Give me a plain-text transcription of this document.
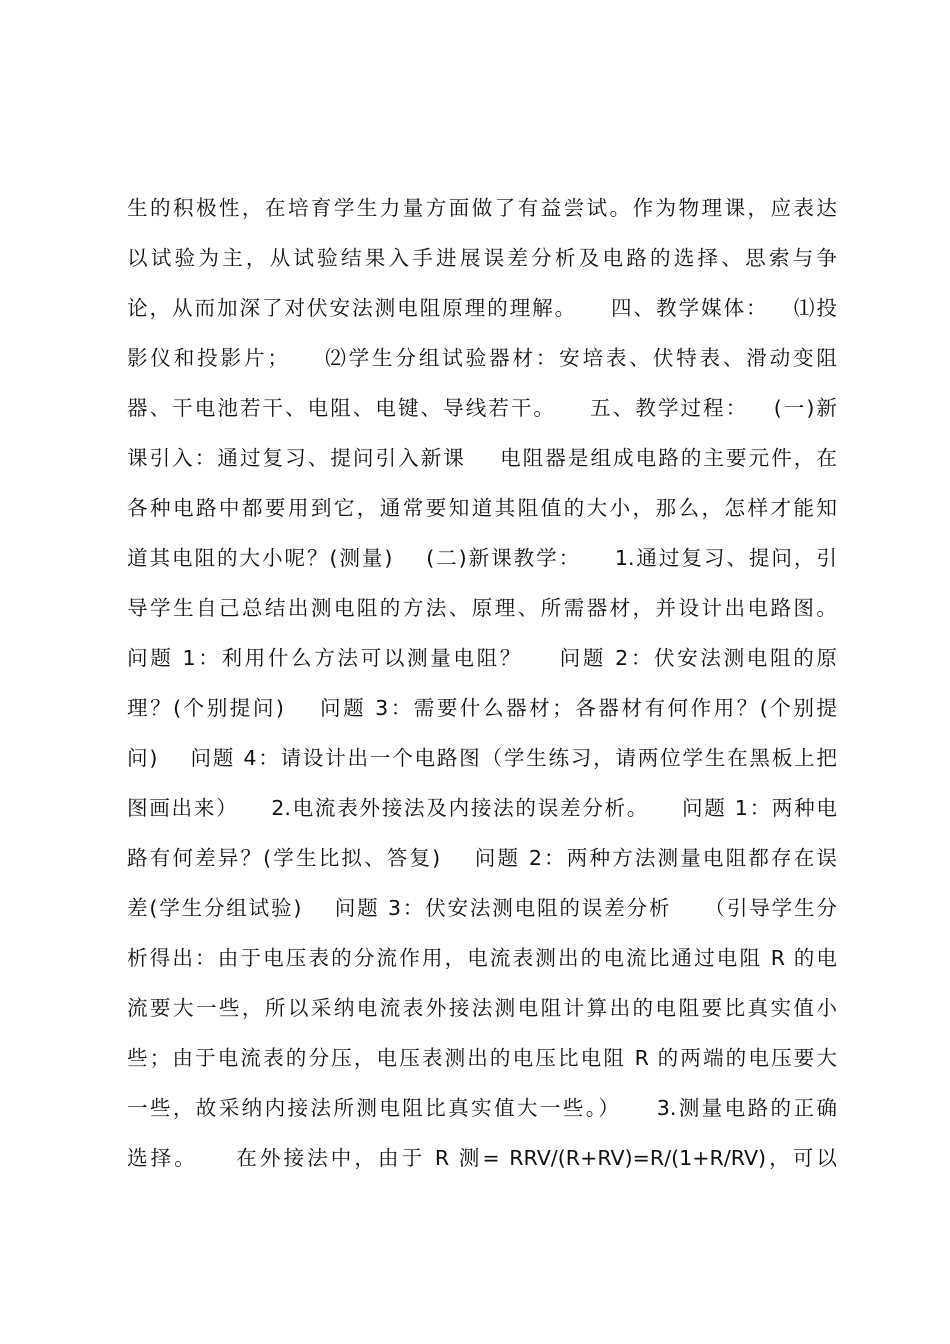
生的积极性，在培育学生力量方面做了有益尝试。作为物理课，应表达
以试验为主，从试验结果入手进展误差分析及电路的选择、思索与争
论，从而加深了对伏安法测电阻原理的理解。    四、教学媒体：   ⑴投
影仪和投影片；    ⑵学生分组试验器材：安培表、伏特表、滑动变阻
器、干电池若干、电阻、电键、导线若干。    五、教学过程：   (一)新
课引入：通过复习、提问引入新课    电阻器是组成电路的主要元件，在
各种电路中都要用到它，通常要知道其阻值的大小，那么，怎样才能知
道其电阻的大小呢？(测量)    (二)新课教学：    1.通过复习、提问，引
导学生自己总结出测电阻的方法、原理、所需器材，并设计出电路图。
问题 1：利用什么方法可以测量电阻？    问题 2：伏安法测电阻的原
理？(个别提问)    问题 3：需要什么器材；各器材有何作用？(个别提
问)    问题 4：请设计出一个电路图（学生练习，请两位学生在黑板上把
图画出来）    2.电流表外接法及内接法的误差分析。    问题 1：两种电
路有何差异？(学生比拟、答复)    问题 2：两种方法测量电阻都存在误
差(学生分组试验)    问题 3：伏安法测电阻的误差分析    （引导学生分
析得出：由于电压表的分流作用，电流表测出的电流比通过电阻 R 的电
流要大一些，所以采纳电流表外接法测电阻计算出的电阻要比真实值小
些；由于电流表的分压，电压表测出的电压比电阻 R 的两端的电压要大
一些，故采纳内接法所测电阻比真实值大一些。）    3.测量电路的正确
选择。    在外接法中，由于 R 测= RRV/(R+RV)=R/(1+R/RV)，可以
